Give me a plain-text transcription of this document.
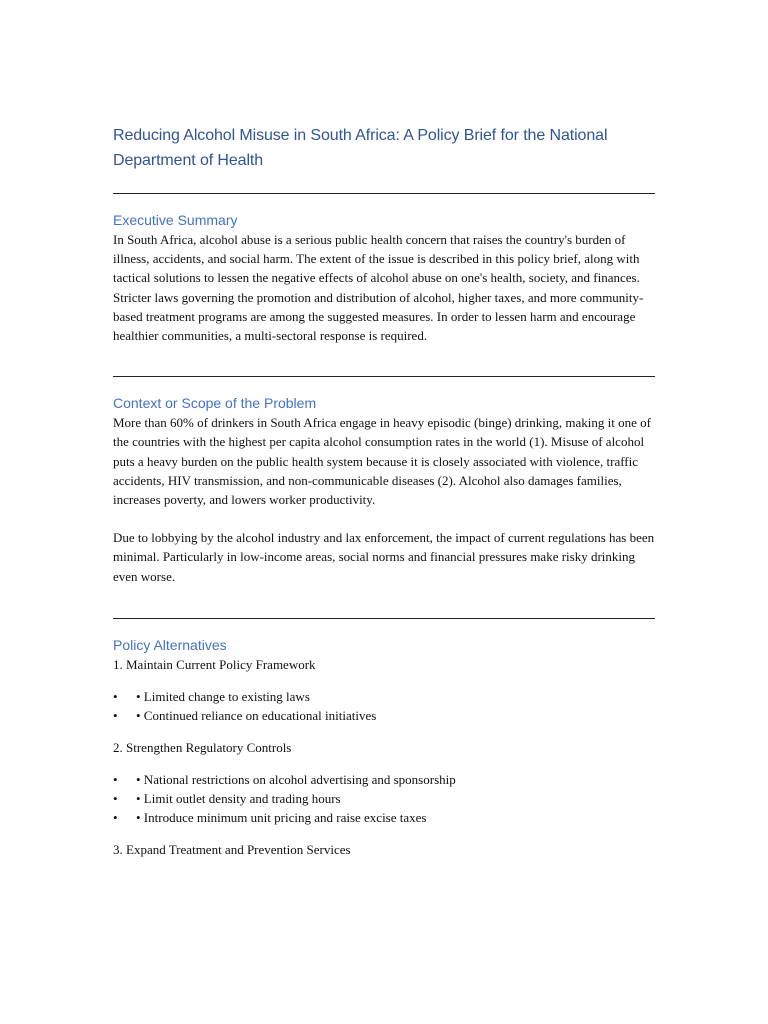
Reducing Alcohol Misuse in South Africa: A Policy Brief for the National
Department of Health
Executive Summary

In South Africa, alcohol abuse is a serious public health concern that raises the country's burden of illness, accidents, and social harm. The extent of the issue is described in this policy brief, along with tactical solutions to lessen the negative effects of alcohol abuse on one's health, society, and finances. Stricter laws governing the promotion and distribution of alcohol, higher taxes, and more community-based treatment programs are among the suggested measures. In order to lessen harm and encourage healthier communities, a multi-sectoral response is required.

Context or Scope of the Problem

More than 60% of drinkers in South Africa engage in heavy episodic (binge) drinking, making it one of the countries with the highest per capita alcohol consumption rates in the world (1). Misuse of alcohol puts a heavy burden on the public health system because it is closely associated with violence, traffic accidents, HIV transmission, and non-communicable diseases (2). Alcohol also damages families, increases poverty, and lowers worker productivity.

Due to lobbying by the alcohol industry and lax enforcement, the impact of current regulations has been minimal. Particularly in low-income areas, social norms and financial pressures make risky drinking even worse.

Policy Alternatives

1. Maintain Current Policy Framework

• • Limited change to existing laws

• • Continued reliance on educational initiatives

2. Strengthen Regulatory Controls

• • National restrictions on alcohol advertising and sponsorship

• • Limit outlet density and trading hours

• • Introduce minimum unit pricing and raise excise taxes

3. Expand Treatment and Prevention Services
